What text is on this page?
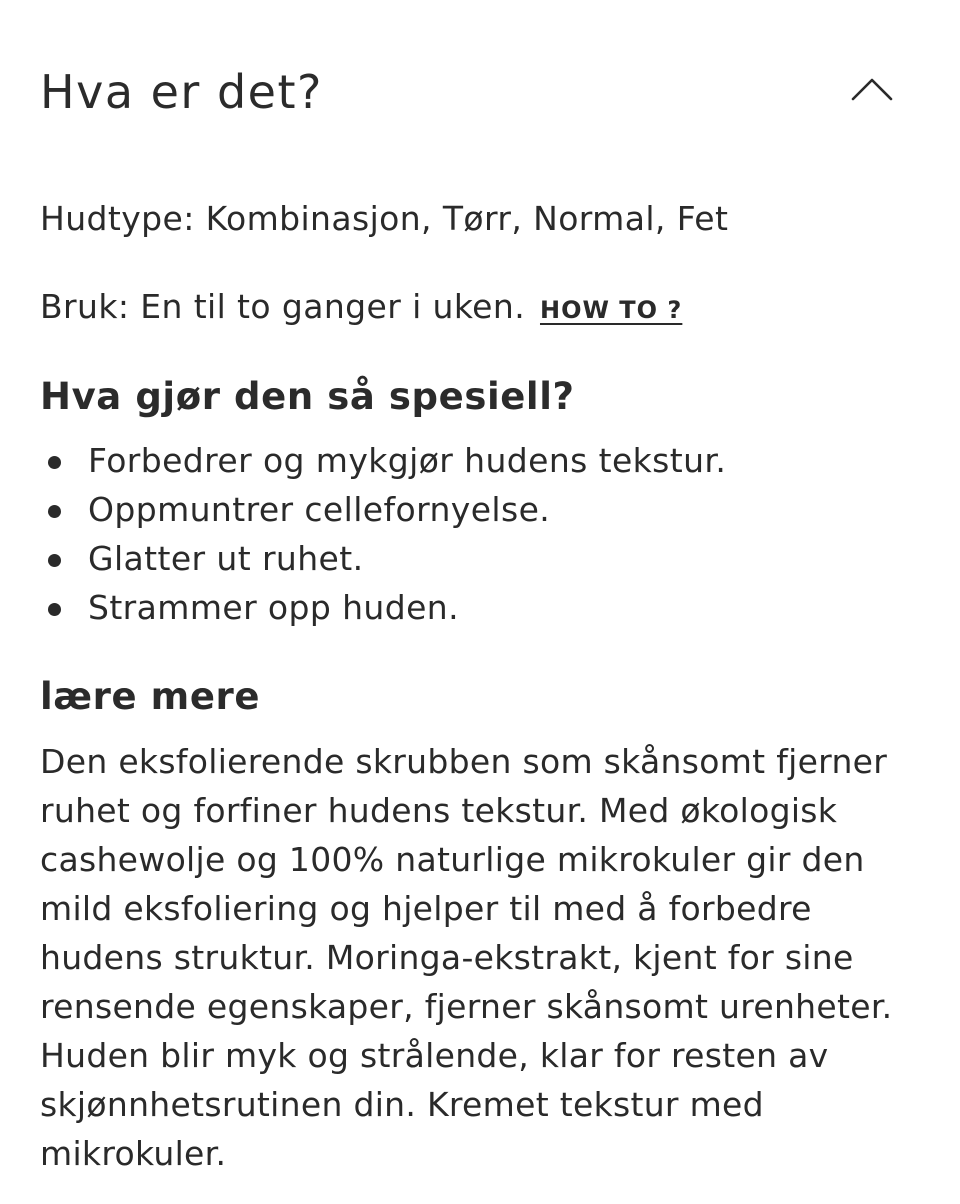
Hva er det?

Hudtype: Kombinasjon, Tørr, Normal, Fet

Bruk: En til to ganger i uken. HOW TO ?

Hva gjør den så spesiell?
Forbedrer og mykgjør hudens tekstur.
Oppmuntrer cellefornyelse.
Glatter ut ruhet.
Strammer opp huden.
lære mere

Den eksfolierende skrubben som skånsomt fjerner ruhet og forfiner hudens tekstur. Med økologisk cashewolje og 100% naturlige mikrokuler gir den mild eksfoliering og hjelper til med å forbedre hudens struktur. Moringa-ekstrakt, kjent for sine rensende egenskaper, fjerner skånsomt urenheter. Huden blir myk og strålende, klar for resten av skjønnhetsrutinen din. Kremet tekstur med mikrokuler.
